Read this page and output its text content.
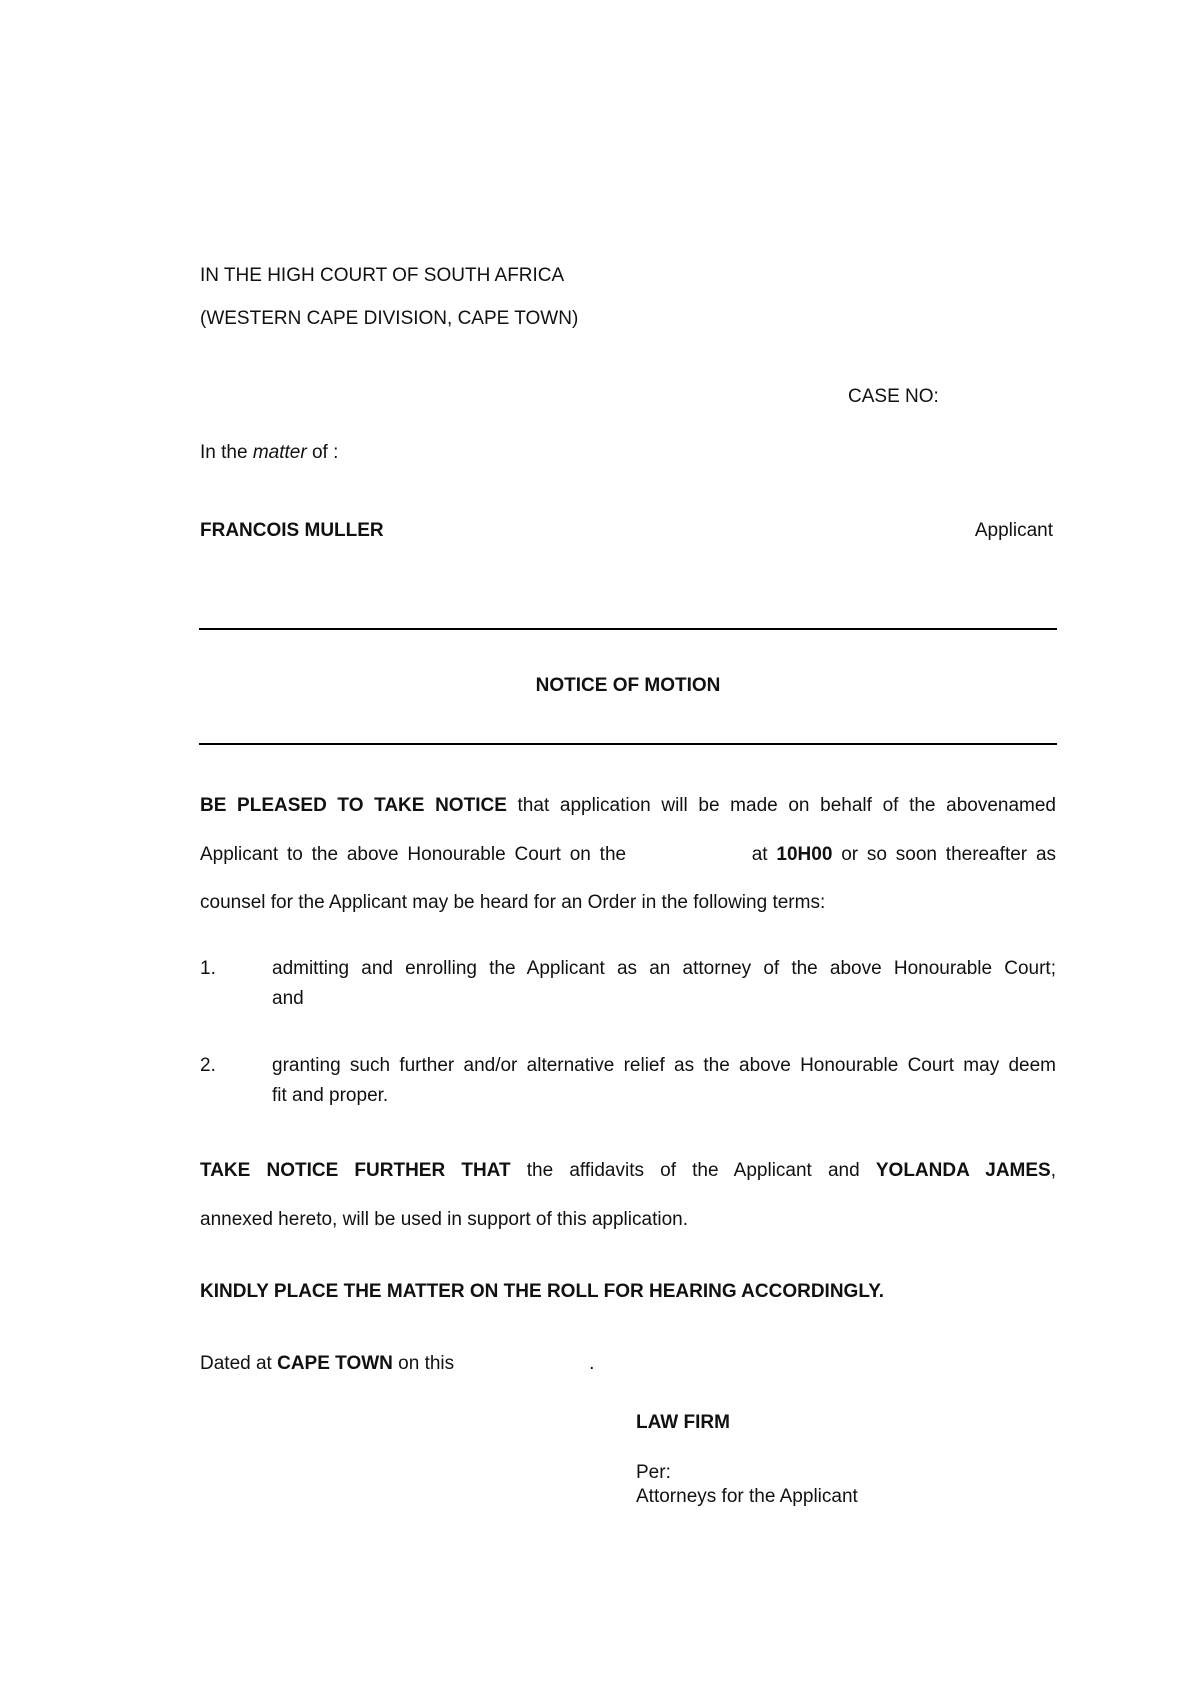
IN THE HIGH COURT OF SOUTH AFRICA
(WESTERN CAPE DIVISION, CAPE TOWN)
CASE NO:
In the matter of :
FRANCOIS MULLER	Applicant
NOTICE OF MOTION
BE PLEASED TO TAKE NOTICE that application will be made on behalf of the abovenamed
Applicant to the above Honourable Court on the	at 10H00 or so soon thereafter as
counsel for the Applicant may be heard for an Order in the following terms:
1.	admitting and enrolling the Applicant as an attorney of the above Honourable Court;
and
2.	granting such further and/or alternative relief as the above Honourable Court may deem
fit and proper.
TAKE NOTICE FURTHER THAT the affidavits of the Applicant and YOLANDA JAMES,
annexed hereto, will be used in support of this application.
KINDLY PLACE THE MATTER ON THE ROLL FOR HEARING ACCORDINGLY.
Dated at CAPE TOWN on this	.
LAW FIRM
Per:
Attorneys for the Applicant
